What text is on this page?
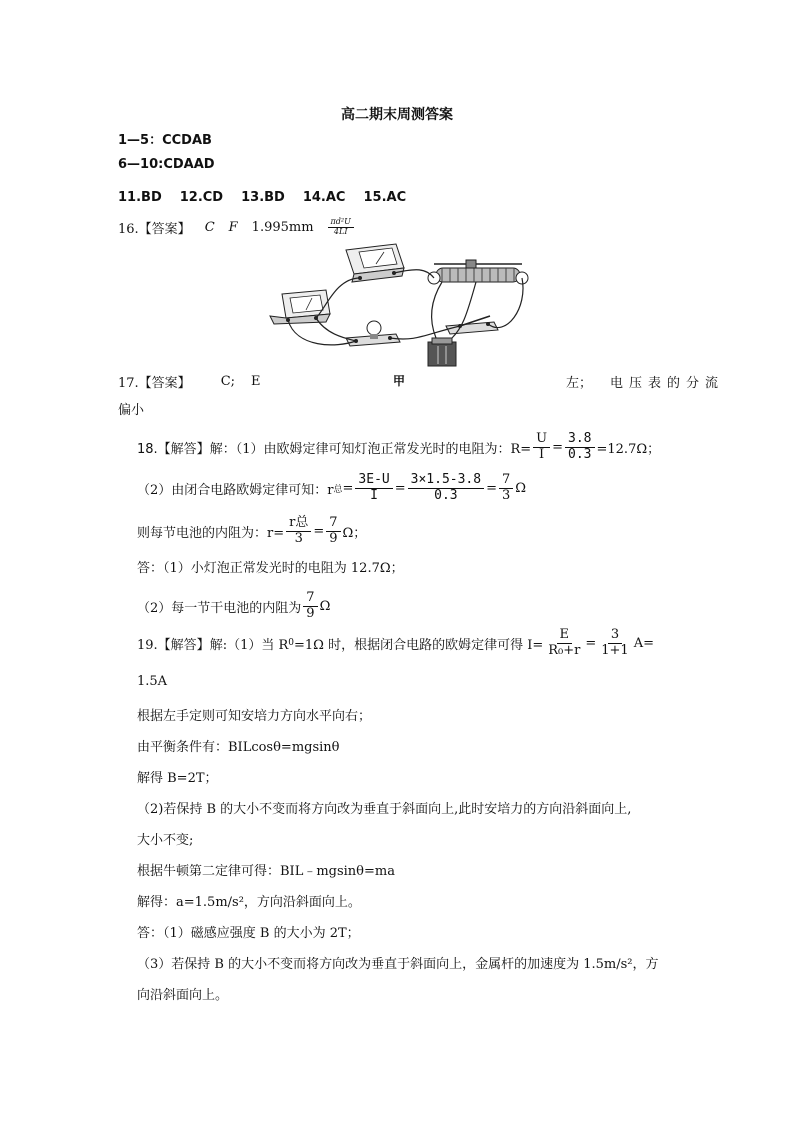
高二期末周测答案
1—5：CCDAB
6—10:CDAAD
11.BD 12.CD 13.BD 14.AC 15.AC
16.【答案】 C F $1.995mm \frac{\text{πd²U}}{4LI}$
17.【答案】 C; E	甲	左； 电压表的分流
偏小
18.【解答】 解：（1）由欧姆定律可知灯泡正常发光时的电阻为：$R= \frac{U}{I} = \frac{3.8}{0.3} =12.7\Omega$；
（2）由闭合电路欧姆定律可知：r 总 = $\frac{3E-U}{I} = \frac{3\times 1.5-3.8}{0.3} = \frac{7}{3}$ Ω
则每节电池的内阻为：$r= \frac{\text{r总}}{3} = \frac{7}{9}$ Ω；
答：（1）小灯泡正常发光时的电阻为 12.7Ω；
（2）每一节干电池的内阻为 $\frac{7}{9}$ Ω
19.【解答】 解:（1）当 R 0 =1Ω 时，根据闭合电路的欧姆定律可得 $I= \frac{E}{\text{R₀+r}} = \frac{3}{1+1} A=$
1.5A
根据左手定则可知安培力方向水平向右；
由平衡条件有：BILcosθ=mgsinθ
解得 B=2T；
（2)若保持 B 的大小不变而将方向改为垂直于斜面向上,此时安培力的方向沿斜面向上,
大小不变;
根据牛顿第二定律可得：BIL﹣mgsinθ=ma
解得：a=1.5m/s²，方向沿斜面向上。
答：（1）磁感应强度 B 的大小为 2T；
（3）若保持 B 的大小不变而将方向改为垂直于斜面向上，金属杆的加速度为 1.5m/s²，方
向沿斜面向上。
